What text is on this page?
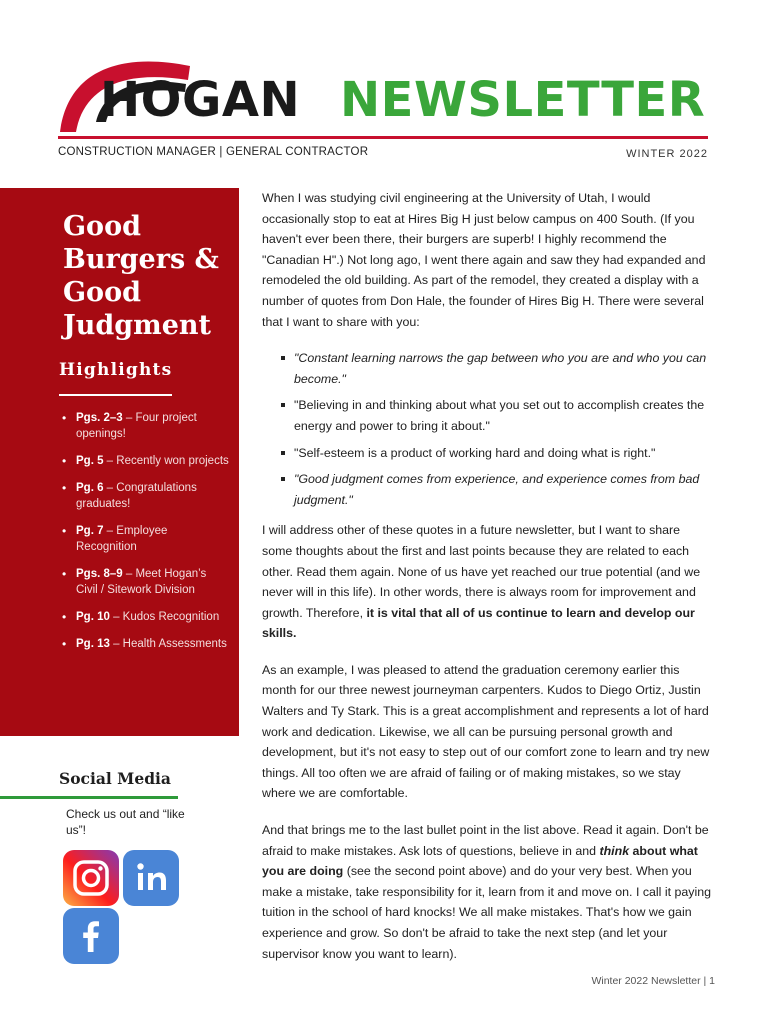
HOGAN NEWSLETTER
CONSTRUCTION MANAGER | GENERAL CONTRACTOR	WINTER 2022
Good Burgers & Good Judgment
Highlights
• Pgs. 2–3 – Four project openings!
• Pg. 5 – Recently won projects
• Pg. 6 – Congratulations graduates!
• Pg. 7 – Employee Recognition
• Pgs. 8–9 – Meet Hogan’s Civil / Sitework Division
• Pg. 10 – Kudos Recognition
• Pg. 13 – Health Assessments
Social Media
Check us out and “like us”!

When I was studying civil engineering at the University of Utah, I would occasionally stop to eat at Hires Big H just below campus on 400 South. (If you haven't ever been there, their burgers are superb! I highly recommend the "Canadian H".) Not long ago, I went there again and saw they had expanded and remodeled the old building. As part of the remodel, they created a display with a number of quotes from Don Hale, the founder of Hires Big H. There were several that I want to share with you:

"Constant learning narrows the gap between who you are and who you can become."
"Believing in and thinking about what you set out to accomplish creates the energy and power to bring it about."
"Self-esteem is a product of working hard and doing what is right."
"Good judgment comes from experience, and experience comes from bad judgment."

I will address other of these quotes in a future newsletter, but I want to share some thoughts about the first and last points because they are related to each other. Read them again. None of us have yet reached our true potential (and we never will in this life). In other words, there is always room for improvement and growth. Therefore, it is vital that all of us continue to learn and develop our skills.

As an example, I was pleased to attend the graduation ceremony earlier this month for our three newest journeyman carpenters. Kudos to Diego Ortiz, Justin Walters and Ty Stark. This is a great accomplishment and represents a lot of hard work and dedication. Likewise, we all can be pursuing personal growth and development, but it's not easy to step out of our comfort zone to learn and try new things. All too often we are afraid of failing or of making mistakes, so we stay where we are comfortable.

And that brings me to the last bullet point in the list above. Read it again. Don't be afraid to make mistakes. Ask lots of questions, believe in and think about what you are doing (see the second point above) and do your very best. When you make a mistake, take responsibility for it, learn from it and move on. I call it paying tuition in the school of hard knocks! We all make mistakes. That's how we gain experience and grow. So don't be afraid to take the next step (and let your supervisor know you want to learn).

Winter 2022 Newsletter | 1
